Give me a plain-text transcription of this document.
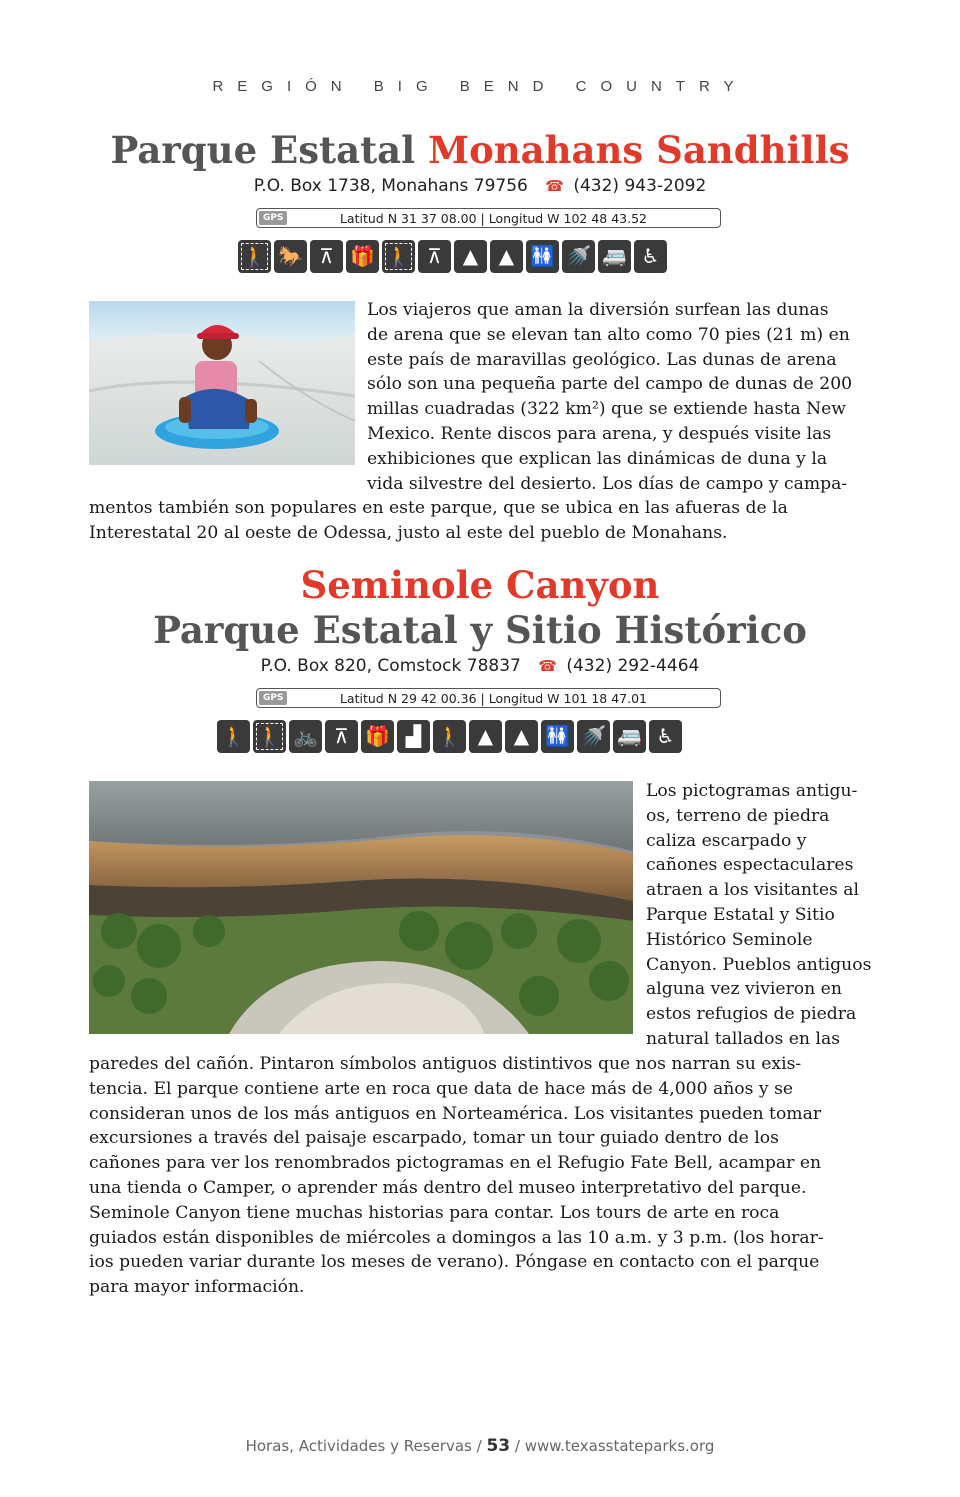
REGIÓN BIG BEND COUNTRY
Parque Estatal Monahans Sandhills
P.O. Box 1738, Monahans 79756 ☎ (432) 943-2092
GPS	Latitud N 31 37 08.00 | Longitud W 102 48 43.52
🚶 🐎 ⊼ 🎁 🚶 ⊼	▲	▲ 🚻 🚿 🚐 ♿
Los viajeros que aman la diversión surfean las dunas
de arena que se elevan tan alto como 70 pies (21 m) en
este país de maravillas geológico. Las dunas de arena
sólo son una pequeña parte del campo de dunas de 200
millas cuadradas (322 km²) que se extiende hasta New
Mexico. Rente discos para arena, y después visite las
exhibiciones que explican las dinámicas de duna y la
vida silvestre del desierto. Los días de campo y campa-
mentos también son populares en este parque, que se ubica en las afueras de la
Interestatal 20 al oeste de Odessa, justo al este del pueblo de Monahans.
Seminole Canyon
Parque Estatal y Sitio Histórico
P.O. Box 820, Comstock 78837 ☎ (432) 292-4464
GPS	Latitud N 29 42 00.36 | Longitud W 101 18 47.01
🚶 🚶 🚲 ⊼ 🎁 ▟ 🚶 ▲	▲ 🚻 🚿 🚐 ♿
Los pictogramas antigu-
os, terreno de piedra
caliza escarpado y
cañones espectaculares
atraen a los visitantes al
Parque Estatal y Sitio
Histórico Seminole
Canyon. Pueblos antiguos
alguna vez vivieron en
estos refugios de piedra
natural tallados en las
paredes del cañón. Pintaron símbolos antiguos distintivos que nos narran su exis-
tencia. El parque contiene arte en roca que data de hace más de 4,000 años y se
consideran unos de los más antiguos en Norteamérica. Los visitantes pueden tomar
excursiones a través del paisaje escarpado, tomar un tour guiado dentro de los
cañones para ver los renombrados pictogramas en el Refugio Fate Bell, acampar en
una tienda o Camper, o aprender más dentro del museo interpretativo del parque.
Seminole Canyon tiene muchas historias para contar. Los tours de arte en roca
guiados están disponibles de miércoles a domingos a las 10 a.m. y 3 p.m. (los horar-
ios pueden variar durante los meses de verano). Póngase en contacto con el parque
para mayor información.
Horas, Actividades y Reservas / 53 / www.texasstateparks.org
